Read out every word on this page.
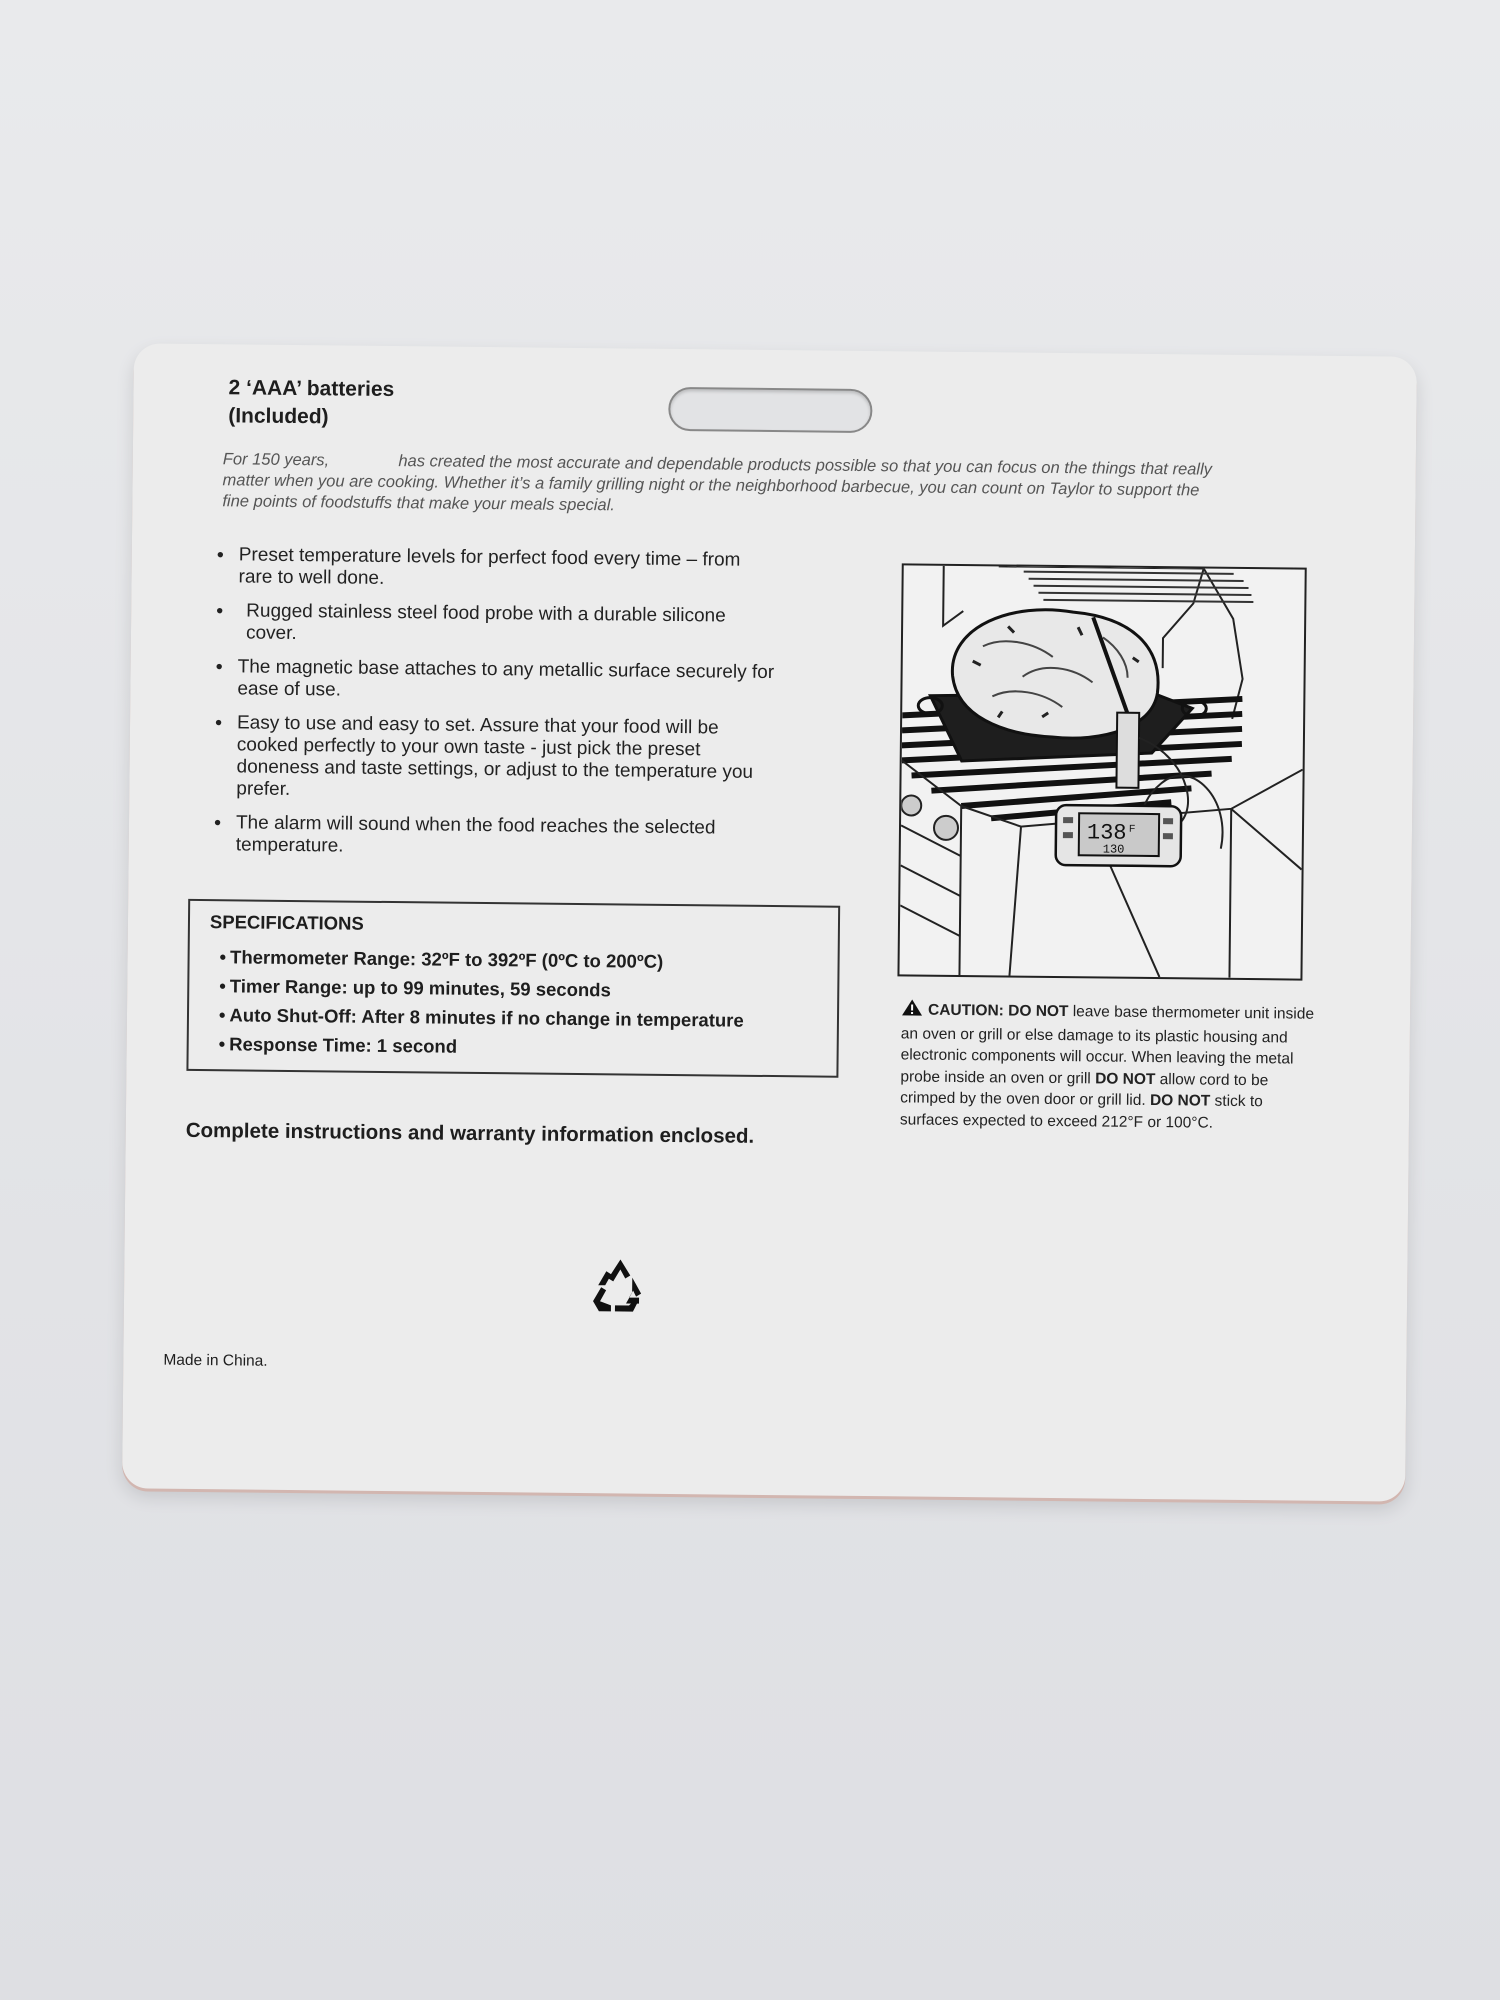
2 ‘AAA’ batteries
(Included)
For 150 years,	has created the most accurate and dependable products possible so that you can focus on the things that really matter when you are cooking. Whether it’s a family grilling night or the neighborhood barbecue, you can count on Taylor to support the fine points of foodstuffs that make your meals special.
• Preset temperature levels for perfect food every time – from rare to well done.
• Rugged stainless steel food probe with a durable silicone cover.
• The magnetic base attaches to any metallic surface securely for ease of use.
• Easy to use and easy to set. Assure that your food will be cooked perfectly to your own taste - just pick the preset doneness and taste settings, or adjust to the temperature you prefer.
• The alarm will sound when the food reaches the selected temperature.
SPECIFICATIONS
• Thermometer Range: 32ºF to 392ºF (0ºC to 200ºC)
• Timer Range: up to 99 minutes, 59 seconds
• Auto Shut-Off: After 8 minutes if no change in temperature
• Response Time: 1 second
Complete instructions and warranty information enclosed.
138 F
130
CAUTION: DO NOT leave base thermometer unit inside an oven or grill or else damage to its plastic housing and electronic components will occur. When leaving the metal probe inside an oven or grill DO NOT allow cord to be crimped by the oven door or grill lid. DO NOT stick to surfaces expected to exceed 212°F or 100°C.
Made in China.
